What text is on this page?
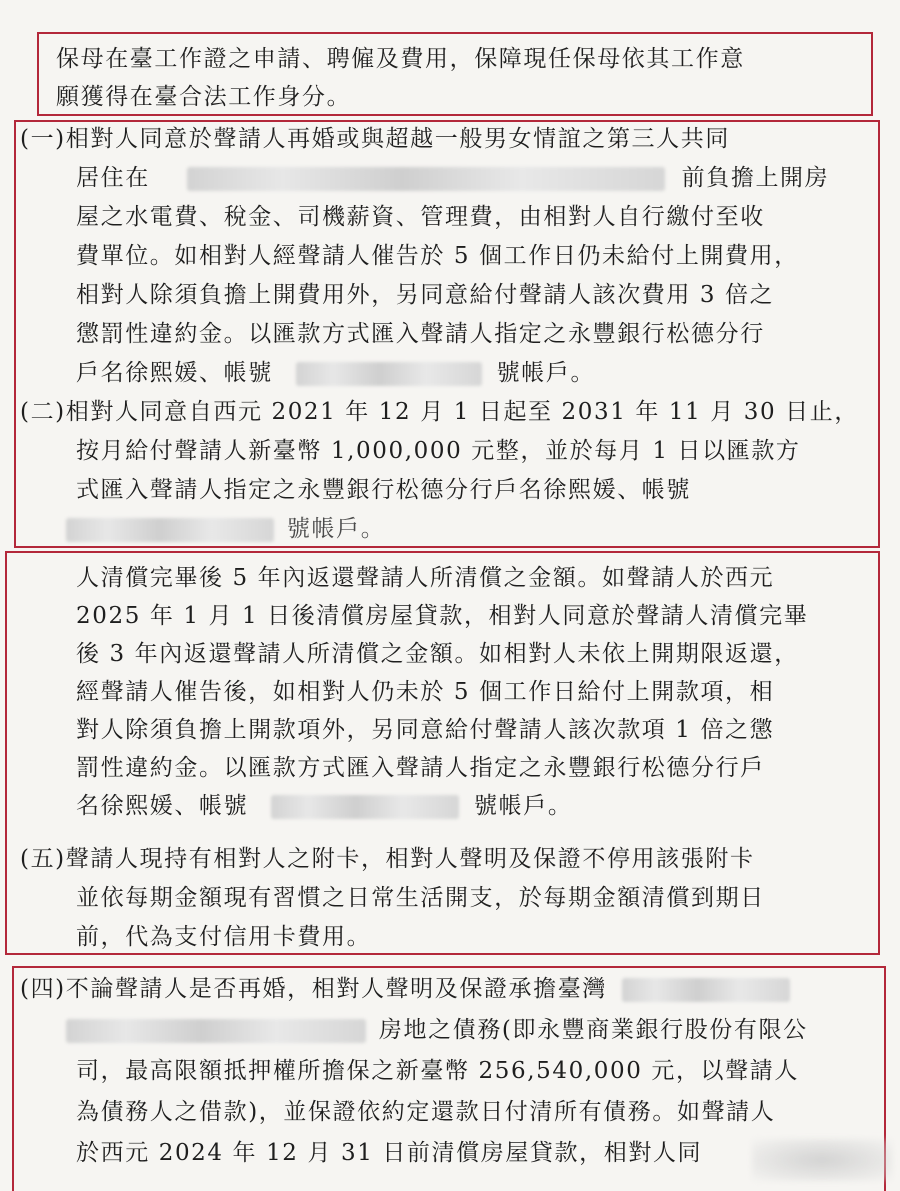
保母在臺工作證之申請、聘僱及費用，保障現任保母依其工作意
願獲得在臺合法工作身分。
(一)相對人同意於聲請人再婚或與超越一般男女情誼之第三人共同
居住在	前負擔上開房
屋之水電費、稅金、司機薪資、管理費，由相對人自行繳付至收
費單位。如相對人經聲請人催告於 5 個工作日仍未給付上開費用，
相對人除須負擔上開費用外，另同意給付聲請人該次費用 3 倍之
懲罰性違約金。以匯款方式匯入聲請人指定之永豐銀行松德分行
戶名徐熙媛、帳號	號帳戶。
(二)相對人同意自西元 2021 年 12 月 1 日起至 2031 年 11 月 30 日止，
按月給付聲請人新臺幣 1,000,000 元整，並於每月 1 日以匯款方
式匯入聲請人指定之永豐銀行松德分行戶名徐熙媛、帳號
號帳戶。
人清償完畢後 5 年內返還聲請人所清償之金額。如聲請人於西元
2025 年 1 月 1 日後清償房屋貸款，相對人同意於聲請人清償完畢
後 3 年內返還聲請人所清償之金額。如相對人未依上開期限返還，
經聲請人催告後，如相對人仍未於 5 個工作日給付上開款項，相
對人除須負擔上開款項外，另同意給付聲請人該次款項 1 倍之懲
罰性違約金。以匯款方式匯入聲請人指定之永豐銀行松德分行戶
名徐熙媛、帳號	號帳戶。
(五)聲請人現持有相對人之附卡，相對人聲明及保證不停用該張附卡
並依每期金額現有習慣之日常生活開支，於每期金額清償到期日
前，代為支付信用卡費用。
(四)不論聲請人是否再婚，相對人聲明及保證承擔臺灣
房地之債務(即永豐商業銀行股份有限公
司，最高限額抵押權所擔保之新臺幣 256,540,000 元，以聲請人
為債務人之借款)，並保證依約定還款日付清所有債務。如聲請人
於西元 2024 年 12 月 31 日前清償房屋貸款，相對人同
